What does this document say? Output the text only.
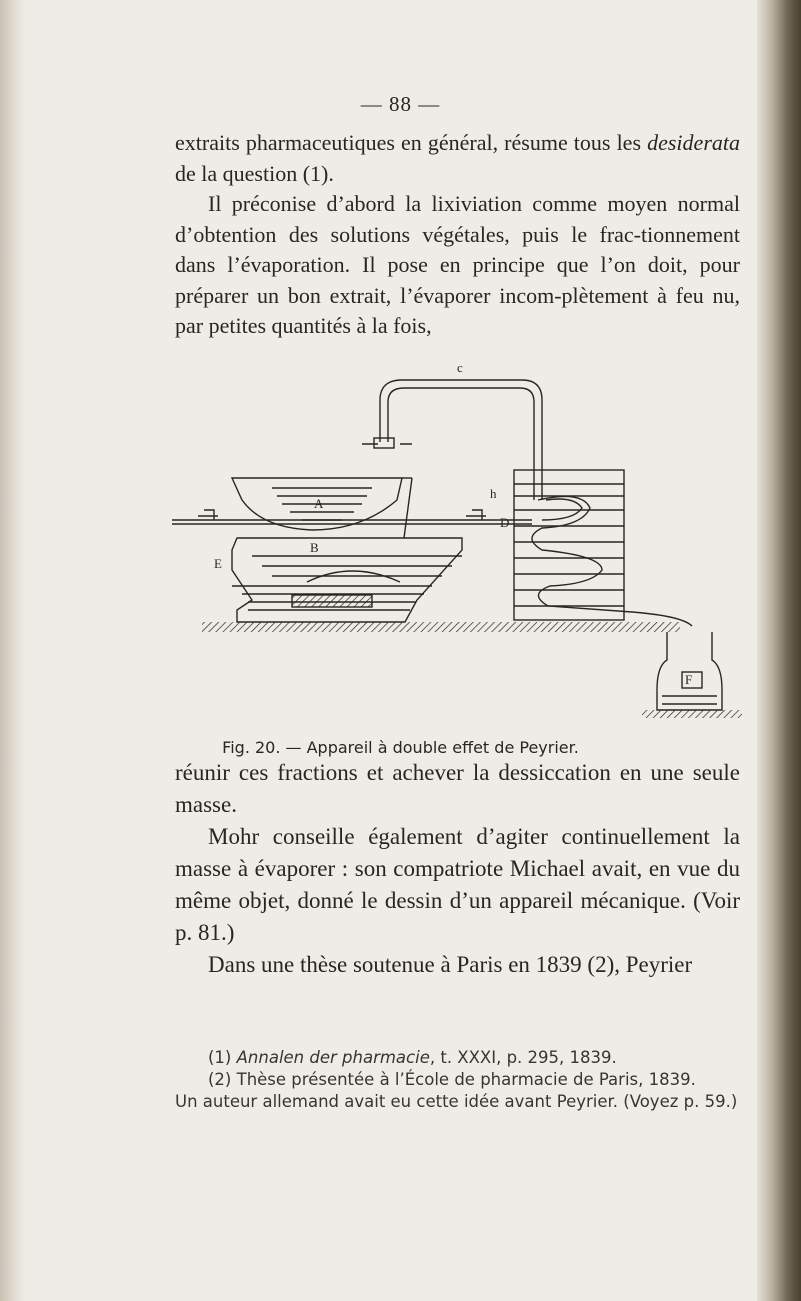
— 88 —

extraits pharmaceutiques en général, résume tous les desiderata de la question (1).

Il préconise d’abord la lixiviation comme moyen normal d’obtention des solutions végétales, puis le frac-tionnement dans l’évaporation. Il pose en principe que l’on doit, pour préparer un bon extrait, l’évaporer incom-plètement à feu nu, par petites quantités à la fois,

c
A
B
D
E
F
h
Fig. 20. — Appareil à double effet de Peyrier.

réunir ces fractions et achever la dessiccation en une seule masse.

Mohr conseille également d’agiter continuellement la masse à évaporer : son compatriote Michael avait, en vue du même objet, donné le dessin d’un appareil mécanique. (Voir p. 81.)

Dans une thèse soutenue à Paris en 1839 (2), Peyrier

(1) Annalen der pharmacie, t. XXXI, p. 295, 1839.

(2) Thèse présentée à l’École de pharmacie de Paris, 1839.

Un auteur allemand avait eu cette idée avant Peyrier. (Voyez p. 59.)
